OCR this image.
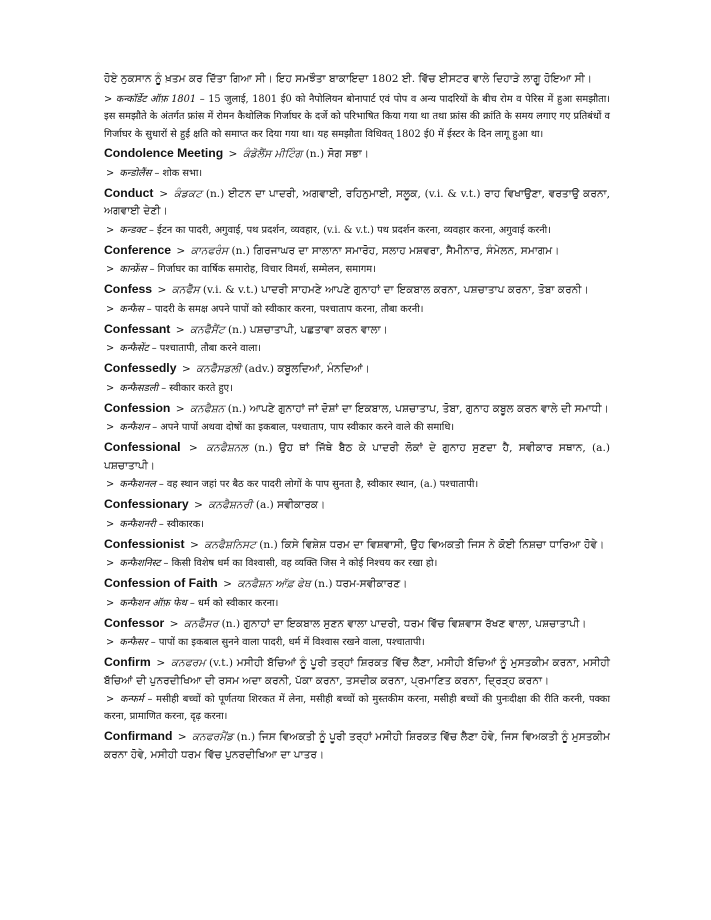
ਹੋਏ ਨੁਕਸਾਨ ਨੂੰ ਖ਼ਤਮ ਕਰ ਦਿੱਤਾ ਗਿਆ ਸੀ। ਇਹ ਸਮਝੌਤਾ ਬਾਕਾਇਦਾ 1802 ਈ. ਵਿੱਚ ਈਸਟਰ ਵਾਲੇ ਦਿਹਾੜੇ ਲਾਗੂ ਹੋਇਆ ਸੀ।

> कन्कॉर्डेट ऑफ़ 1801 – 15 जुलाई, 1801 ई0 को नैपोलियन बोनापार्ट एवं पोप व अन्य पादरियों के बीच रोम व पेरिस में हुआ समझौता। इस समझौते के अंतर्गत फ्रांस में रोमन कैथोलिक गिर्जाघर के दर्जे को परिभाषित किया गया था तथा फ्रांस की क्रांति के समय लगाए गए प्रतिबंधों व गिर्जाघर के सुधारों से हुई क्षति को समाप्त कर दिया गया था। यह समझौता विधिवत् 1802 ई0 में ईस्टर के दिन लागू हुआ था।

Condolence Meeting > ਕੰਡੋਲੈਂਸ ਮੀਟਿੰਗ (n.) ਸੋਗ ਸਭਾ।

> कन्डोलैंस – शोक सभा।

Conduct > ਕੰਡਕਟ (n.) ਈਟਨ ਦਾ ਪਾਦਰੀ, ਅਗਵਾਈ, ਰਹਿਨੁਮਾਈ, ਸਲੂਕ, (v.i. & v.t.) ਰਾਹ ਵਿਖਾਉਣਾ, ਵਰਤਾਉ ਕਰਨਾ, ਅਗਵਾਈ ਦੇਣੀ।

> कन्डक्ट – ईटन का पादरी, अगुवाई, पथ प्रदर्शन, व्यवहार, (v.i. & v.t.) पथ प्रदर्शन करना, व्यवहार करना, अगुवाई करनी।

Conference > ਕਾਨਫਰੰਸ (n.) ਗਿਰਜਾਘਰ ਦਾ ਸਾਲਾਨਾ ਸਮਾਰੋਹ, ਸਲਾਹ ਮਸ਼ਵਰਾ, ਸੈਮੀਨਾਰ, ਸੰਮੇਲਨ, ਸਮਾਗਮ।

> कान्फ्रेंस – गिर्जाघर का वार्षिक समारोह, विचार विमर्श, सम्मेलन, समागम।

Confess > ਕਨਫੈੱਸ (v.i. & v.t.) ਪਾਦਰੀ ਸਾਹਮਣੇ ਆਪਣੇ ਗੁਨਾਹਾਂ ਦਾ ਇਕਬਾਲ ਕਰਨਾ, ਪਸ਼ਚਾਤਾਪ ਕਰਨਾ, ਤੋਬਾ ਕਰਨੀ।

> कन्फैस – पादरी के समक्ष अपने पापों को स्वीकार करना, पश्चाताप करना, तौबा करनी।

Confessant > ਕਨਫੈੱਸੈਂਟ (n.) ਪਸ਼ਚਾਤਾਪੀ, ਪਛਤਾਵਾ ਕਰਨ ਵਾਲਾ।

> कन्फैसेंट – पश्चातापी, तौबा करने वाला।

Confessedly > ਕਨਫੈੱਸਡਲੀ (adv.) ਕਬੂਲਦਿਆਂ, ਮੰਨਦਿਆਂ।

> कन्फैसडली – स्वीकार करते हुए।

Confession > ਕਨਫੈਸ਼ਨ (n.) ਆਪਣੇ ਗੁਨਾਹਾਂ ਜਾਂ ਦੋਸ਼ਾਂ ਦਾ ਇਕਬਾਲ, ਪਸ਼ਚਾਤਾਪ, ਤੋਬਾ, ਗੁਨਾਹ ਕਬੂਲ ਕਰਨ ਵਾਲੇ ਦੀ ਸਮਾਧੀ।

> कन्फैशन – अपने पापों अथवा दोषों का इकबाल, पश्चाताप, पाप स्वीकार करने वाले की समाधि।

Confessional > ਕਨਫੈਸ਼ਨਲ (n.) ਉਹ ਥਾਂ ਜਿੱਥੇ ਬੈਠ ਕੇ ਪਾਦਰੀ ਲੋਕਾਂ ਦੇ ਗੁਨਾਹ ਸੁਣਦਾ ਹੈ, ਸਵੀਕਾਰ ਸਥਾਨ, (a.) ਪਸ਼ਚਾਤਾਪੀ।

> कन्फैशनल – वह स्थान जहां पर बैठ कर पादरी लोगों के पाप सुनता है, स्वीकार स्थान, (a.) पश्चातापी।

Confessionary > ਕਨਫੈਸ਼ਨਰੀ (a.) ਸਵੀਕਾਰਕ।

> कन्फैशनरी – स्वीकारक।

Confessionist > ਕਨਫੈਸ਼ਨਿਸਟ (n.) ਕਿਸੇ ਵਿਸ਼ੇਸ਼ ਧਰਮ ਦਾ ਵਿਸ਼ਵਾਸੀ, ਉਹ ਵਿਅਕਤੀ ਜਿਸ ਨੇ ਕੋਈ ਨਿਸ਼ਚਾ ਧਾਰਿਆ ਹੋਵੇ।

> कन्फैशनिस्ट – किसी विशेष धर्म का विश्वासी, वह व्यक्ति जिस ने कोई निश्चय कर रखा हो।

Confession of Faith > ਕਨਫੈਸ਼ਨ ਆੱਫ਼ ਫੇਥ (n.) ਧਰਮ-ਸਵੀਕਾਰਣ।

> कन्फैशन ऑफ़ फेथ – धर्म को स्वीकार करना।

Confessor > ਕਨਫੈੱਸਰ (n.) ਗੁਨਾਹਾਂ ਦਾ ਇਕਬਾਲ ਸੁਣਨ ਵਾਲਾ ਪਾਦਰੀ, ਧਰਮ ਵਿੱਚ ਵਿਸ਼ਵਾਸ ਰੱਖਣ ਵਾਲਾ, ਪਸ਼ਚਾਤਾਪੀ।

> कन्फैसर – पापों का इकबाल सुनने वाला पादरी, धर्म में विश्वास रखने वाला, पश्चातापी।

Confirm > ਕਨਫਰਮ (v.t.) ਮਸੀਹੀ ਬੱਚਿਆਂ ਨੂੰ ਪੂਰੀ ਤਰ੍ਹਾਂ ਸ਼ਿਰਕਤ ਵਿੱਚ ਲੈਣਾ, ਮਸੀਹੀ ਬੱਚਿਆਂ ਨੂੰ ਮੁਸਤਕੀਮ ਕਰਨਾ, ਮਸੀਹੀ ਬੱਚਿਆਂ ਦੀ ਪੁਨਰਦੀਖਿਆ ਦੀ ਰਸਮ ਅਦਾ ਕਰਨੀ, ਪੱਕਾ ਕਰਨਾ, ਤਸਦੀਕ ਕਰਨਾ, ਪ੍ਰਮਾਣਿਤ ਕਰਨਾ, ਦ੍ਰਿੜ੍ਹ ਕਰਨਾ।

> कन्फर्म – मसीही बच्चों को पूर्णतया शिरकत में लेना, मसीही बच्चों को मुस्तकीम करना, मसीही बच्चों की पुनःदीक्षा की रीति करनी, पक्का करना, प्रामाणित करना, दृढ़ करना।

Confirmand > ਕਨਫਰਮੈਂਡ (n.) ਜਿਸ ਵਿਅਕਤੀ ਨੂੰ ਪੂਰੀ ਤਰ੍ਹਾਂ ਮਸੀਹੀ ਸ਼ਿਰਕਤ ਵਿੱਚ ਲੈਣਾ ਹੋਵੇ, ਜਿਸ ਵਿਅਕਤੀ ਨੂੰ ਮੁਸਤਕੀਮ ਕਰਨਾ ਹੋਵੇ, ਮਸੀਹੀ ਧਰਮ ਵਿੱਚ ਪੁਨਰਦੀਖਿਆ ਦਾ ਪਾਤਰ।
